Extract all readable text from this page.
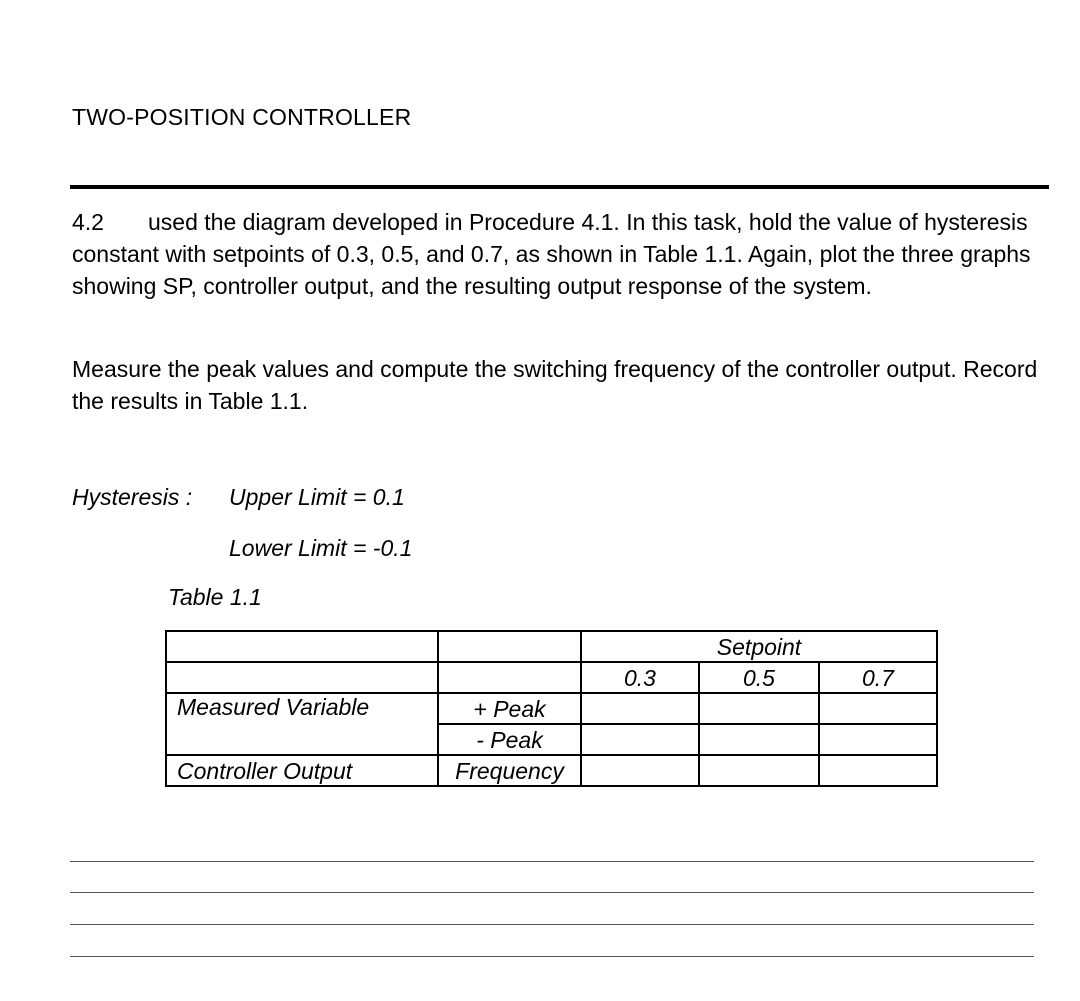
TWO-POSITION CONTROLLER

4.2 used the diagram developed in Procedure 4.1. In this task, hold the value of hysteresis constant with setpoints of 0.3, 0.5, and 0.7, as shown in Table 1.1. Again, plot the three graphs showing SP, controller output, and the resulting output response of the system.

Measure the peak values and compute the switching frequency of the controller output. Record the results in Table 1.1.

Hysteresis : Upper Limit = 0.1
Lower Limit = -0.1
Table 1.1
		Setpoint		
		0.3	0.5	0.7
Measured Variable	+ Peak			
	- Peak			
Controller Output	Frequency			
